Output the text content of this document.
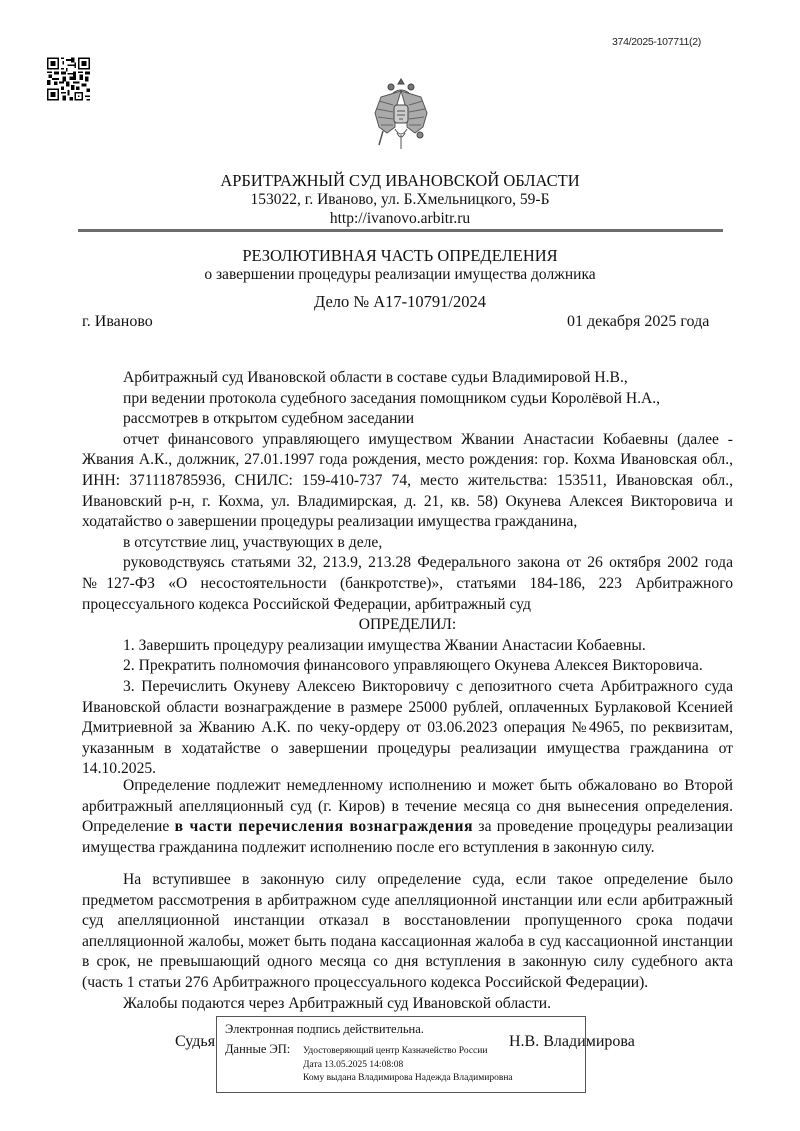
374/2025-107711(2)
АРБИТРАЖНЫЙ СУД ИВАНОВСКОЙ ОБЛАСТИ
153022, г. Иваново, ул. Б.Хмельницкого, 59-Б
http://ivanovo.arbitr.ru
РЕЗОЛЮТИВНАЯ ЧАСТЬ ОПРЕДЕЛЕНИЯ
о завершении процедуры реализации имущества должника
Дело № А17-10791/2024
г. Иваново	01 декабря 2025 года

Арбитражный суд Ивановской области в составе судьи Владимировой Н.В.,

при ведении протокола судебного заседания помощником судьи Королёвой Н.А.,

рассмотрев в открытом судебном заседании

отчет финансового управляющего имуществом Жвании Анастасии Кобаевны (далее - Жвания А.К., должник, 27.01.1997 года рождения, место рождения: гор. Кохма Ивановская обл., ИНН: 371118785936, СНИЛС: 159-410-737 74, место жительства: 153511, Ивановская обл., Ивановский р-н, г. Кохма, ул. Владимирская, д. 21, кв. 58) Окунева Алексея Викторовича и ходатайство о завершении процедуры реализации имущества гражданина,

в отсутствие лиц, участвующих в деле,

руководствуясь статьями 32, 213.9, 213.28 Федерального закона от 26 октября 2002 года №127-ФЗ «О несостоятельности (банкротстве)», статьями 184-186, 223 Арбитражного процессуального кодекса Российской Федерации, арбитражный суд

ОПРЕДЕЛИЛ:

1. Завершить процедуру реализации имущества Жвании Анастасии Кобаевны.

2. Прекратить полномочия финансового управляющего Окунева Алексея Викторовича.

3. Перечислить Окуневу Алексею Викторовичу с депозитного счета Арбитражного суда Ивановской области вознаграждение в размере 25000 рублей, оплаченных Бурлаковой Ксенией Дмитриевной за Жванию А.К. по чеку-ордеру от 03.06.2023 операция №4965, по реквизитам, указанным в ходатайстве о завершении процедуры реализации имущества гражданина от 14.10.2025.

Определение подлежит немедленному исполнению и может быть обжаловано во Второй арбитражный апелляционный суд (г. Киров) в течение месяца со дня вынесения определения. Определение в части перечисления вознаграждения за проведение процедуры реализации имущества гражданина подлежит исполнению после его вступления в законную силу.

На вступившее в законную силу определение суда, если такое определение было предметом рассмотрения в арбитражном суде апелляционной инстанции или если арбитражный суд апелляционной инстанции отказал в восстановлении пропущенного срока подачи апелляционной жалобы, может быть подана кассационная жалоба в суд кассационной инстанции в срок, не превышающий одного месяца со дня вступления в законную силу судебного акта (часть 1 статьи 276 Арбитражного процессуального кодекса Российской Федерации).

Жалобы подаются через Арбитражный суд Ивановской области.

Судья	Н.В. Владимирова
Электронная подпись действительна.
Данные ЭП: Удостоверяющий центр Казначейство России
Дата 13.05.2025 14:08:08
Кому выдана Владимирова Надежда Владимировна
